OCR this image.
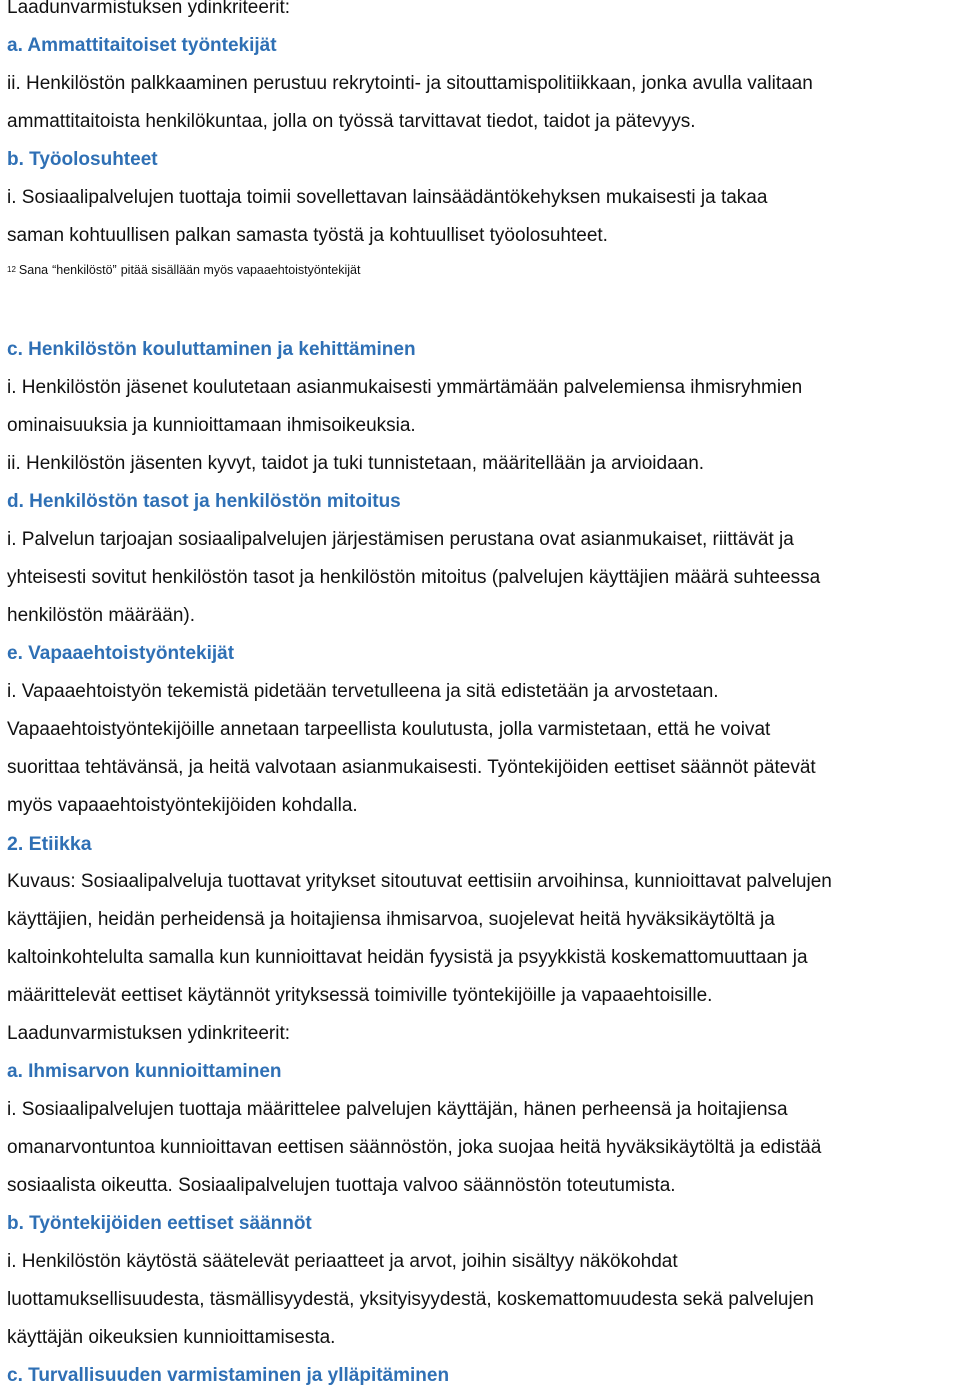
Laadunvarmistuksen ydinkriteerit:
a. Ammattitaitoiset työntekijät
ii. Henkilöstön palkkaaminen perustuu rekrytointi- ja sitouttamispolitiikkaan, jonka avulla valitaan
ammattitaitoista henkilökuntaa, jolla on työssä tarvittavat tiedot, taidot ja pätevyys.
b. Työolosuhteet
i. Sosiaalipalvelujen tuottaja toimii sovellettavan lainsäädäntökehyksen mukaisesti ja takaa
saman kohtuullisen palkan samasta työstä ja kohtuulliset työolosuhteet.
12 Sana “henkilöstö” pitää sisällään myös vapaaehtoistyöntekijät
c. Henkilöstön kouluttaminen ja kehittäminen
i. Henkilöstön jäsenet koulutetaan asianmukaisesti ymmärtämään palvelemiensa ihmisryhmien
ominaisuuksia ja kunnioittamaan ihmisoikeuksia.
ii. Henkilöstön jäsenten kyvyt, taidot ja tuki tunnistetaan, määritellään ja arvioidaan.
d. Henkilöstön tasot ja henkilöstön mitoitus
i. Palvelun tarjoajan sosiaalipalvelujen järjestämisen perustana ovat asianmukaiset, riittävät ja
yhteisesti sovitut henkilöstön tasot ja henkilöstön mitoitus (palvelujen käyttäjien määrä suhteessa
henkilöstön määrään).
e. Vapaaehtoistyöntekijät
i. Vapaaehtoistyön tekemistä pidetään tervetulleena ja sitä edistetään ja arvostetaan.
Vapaaehtoistyöntekijöille annetaan tarpeellista koulutusta, jolla varmistetaan, että he voivat
suorittaa tehtävänsä, ja heitä valvotaan asianmukaisesti. Työntekijöiden eettiset säännöt pätevät
myös vapaaehtoistyöntekijöiden kohdalla.
2. Etiikka
Kuvaus: Sosiaalipalveluja tuottavat yritykset sitoutuvat eettisiin arvoihinsa, kunnioittavat palvelujen
käyttäjien, heidän perheidensä ja hoitajiensa ihmisarvoa, suojelevat heitä hyväksikäytöltä ja
kaltoinkohtelulta samalla kun kunnioittavat heidän fyysistä ja psyykkistä koskemattomuuttaan ja
määrittelevät eettiset käytännöt yrityksessä toimiville työntekijöille ja vapaaehtoisille.
Laadunvarmistuksen ydinkriteerit:
a. Ihmisarvon kunnioittaminen
i. Sosiaalipalvelujen tuottaja määrittelee palvelujen käyttäjän, hänen perheensä ja hoitajiensa
omanarvontuntoa kunnioittavan eettisen säännöstön, joka suojaa heitä hyväksikäytöltä ja edistää
sosiaalista oikeutta. Sosiaalipalvelujen tuottaja valvoo säännöstön toteutumista.
b. Työntekijöiden eettiset säännöt
i. Henkilöstön käytöstä säätelevät periaatteet ja arvot, joihin sisältyy näkökohdat
luottamuksellisuudesta, täsmällisyydestä, yksityisyydestä, koskemattomuudesta sekä palvelujen
käyttäjän oikeuksien kunnioittamisesta.
c. Turvallisuuden varmistaminen ja ylläpitäminen
